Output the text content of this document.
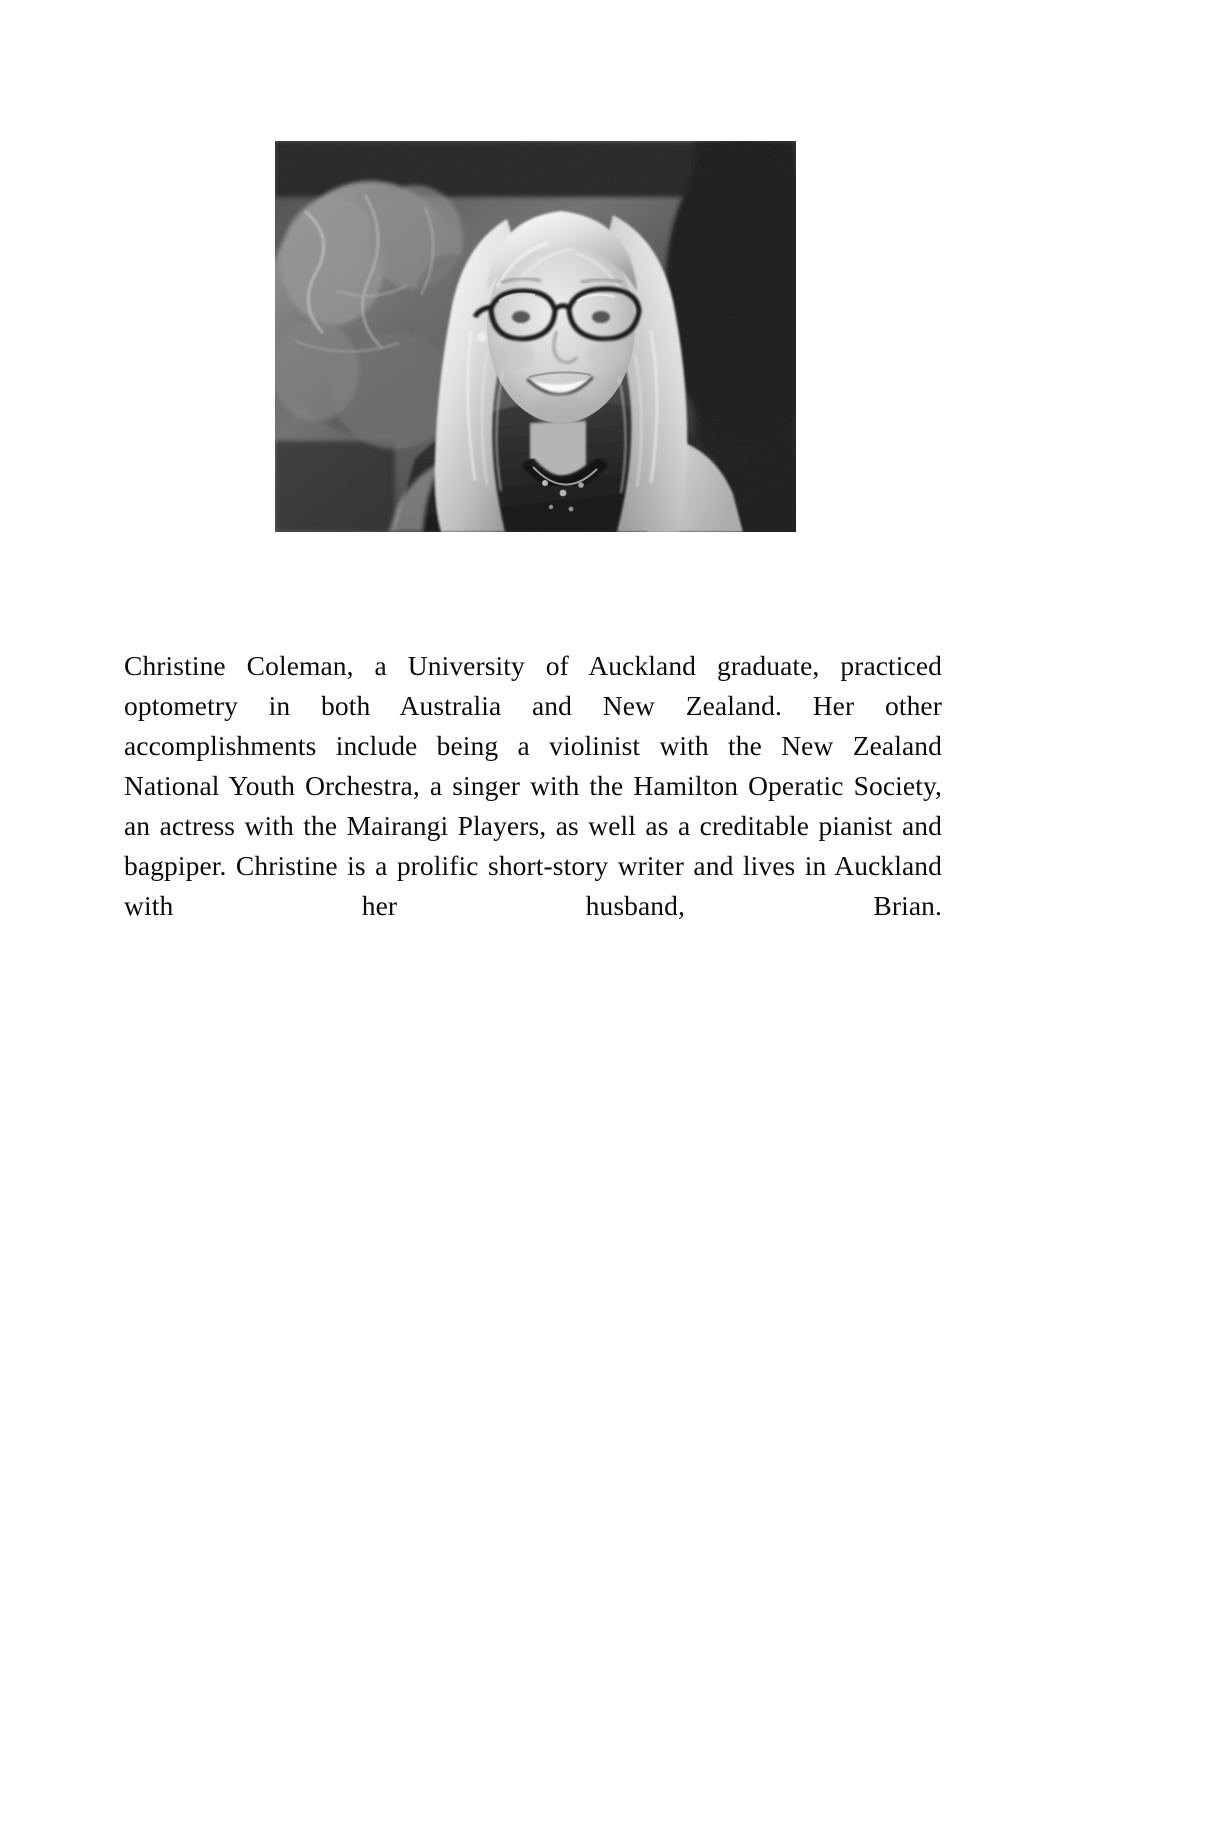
Christine Coleman, a University of Auckland graduate, practiced optometry in both Australia and New Zealand. Her other accomplishments include being a violinist with the New Zealand National Youth Orchestra, a singer with the Hamilton Operatic Society, an actress with the Mairangi Players, as well as a creditable pianist and bagpiper. Christine is a prolific short-story writer and lives in Auckland with her husband, Brian.
